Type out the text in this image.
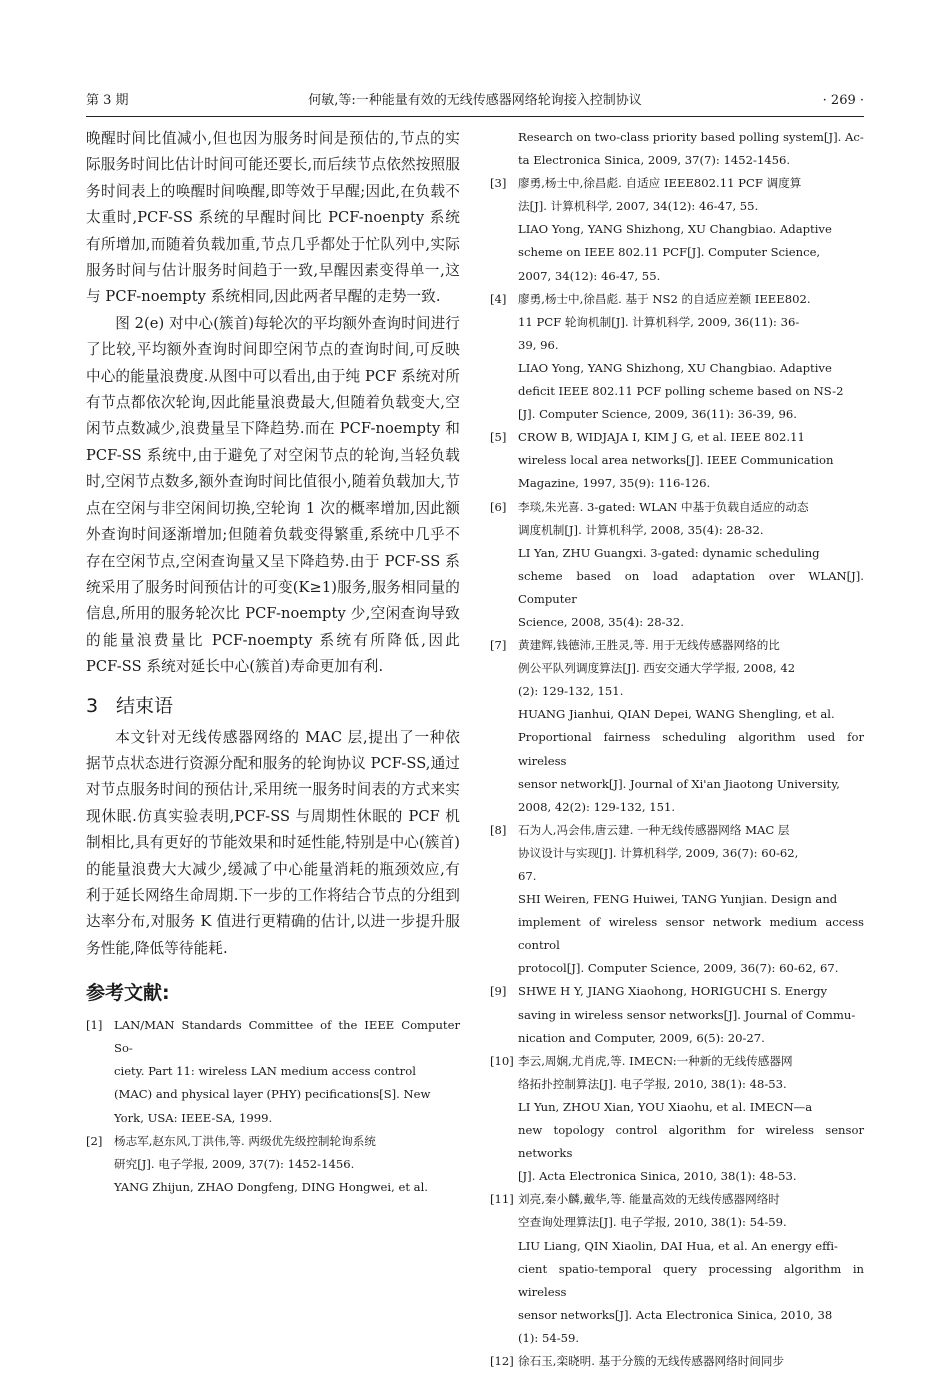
第 3 期	何敏,等:一种能量有效的无线传感器网络轮询接入控制协议	· 269 ·

晚醒时间比值减小,但也因为服务时间是预估的,节点的实际服务时间比估计时间可能还要长,而后续节点依然按照服务时间表上的唤醒时间唤醒,即等效于早醒;因此,在负载不太重时,PCF-SS 系统的早醒时间比 PCF-noenpty 系统有所增加,而随着负载加重,节点几乎都处于忙队列中,实际服务时间与估计服务时间趋于一致,早醒因素变得单一,这与 PCF-noempty 系统相同,因此两者早醒的走势一致.

图 2(e) 对中心(簇首)每轮次的平均额外查询时间进行了比较,平均额外查询时间即空闲节点的查询时间,可反映中心的能量浪费度.从图中可以看出,由于纯 PCF 系统对所有节点都依次轮询,因此能量浪费最大,但随着负载变大,空闲节点数减少,浪费量呈下降趋势.而在 PCF-noempty 和 PCF-SS 系统中,由于避免了对空闲节点的轮询,当轻负载时,空闲节点数多,额外查询时间比值很小,随着负载加大,节点在空闲与非空闲间切换,空轮询 1 次的概率增加,因此额外查询时间逐渐增加;但随着负载变得繁重,系统中几乎不存在空闲节点,空闲查询量又呈下降趋势.由于 PCF-SS 系统采用了服务时间预估计的可变(K≥1)服务,服务相同量的信息,所用的服务轮次比 PCF-noempty 少,空闲查询导致的能量浪费量比 PCF-noempty 系统有所降低,因此 PCF-SS 系统对延长中心(簇首)寿命更加有利.

3 结束语

本文针对无线传感器网络的 MAC 层,提出了一种依据节点状态进行资源分配和服务的轮询协议 PCF-SS,通过对节点服务时间的预估计,采用统一服务时间表的方式来实现休眠.仿真实验表明,PCF-SS 与周期性休眠的 PCF 机制相比,具有更好的节能效果和时延性能,特别是中心(簇首)的能量浪费大大减少,缓减了中心能量消耗的瓶颈效应,有利于延长网络生命周期.下一步的工作将结合节点的分组到达率分布,对服务 K 值进行更精确的估计,以进一步提升服务性能,降低等待能耗.

参考文献:
[1] LAN/MAN Standards Committee of the IEEE Computer So-
ciety. Part 11: wireless LAN medium access control
(MAC) and physical layer (PHY) pecifications[S]. New
York, USA: IEEE-SA, 1999.
[2] 杨志军,赵东风,丁洪伟,等. 两级优先级控制轮询系统
研究[J]. 电子学报, 2009, 37(7): 1452-1456.
YANG Zhijun, ZHAO Dongfeng, DING Hongwei, et al.
Research on two-class priority based polling system[J]. Ac-
ta Electronica Sinica, 2009, 37(7): 1452-1456.
[3] 廖勇,杨士中,徐昌彪. 自适应 IEEE802.11 PCF 调度算
法[J]. 计算机科学, 2007, 34(12): 46-47, 55.
LIAO Yong, YANG Shizhong, XU Changbiao. Adaptive
scheme on IEEE 802.11 PCF[J]. Computer Science,
2007, 34(12): 46-47, 55.
[4] 廖勇,杨士中,徐昌彪. 基于 NS2 的自适应差额 IEEE802.
11 PCF 轮询机制[J]. 计算机科学, 2009, 36(11): 36-
39, 96.
LIAO Yong, YANG Shizhong, XU Changbiao. Adaptive
deficit IEEE 802.11 PCF polling scheme based on NS-2
[J]. Computer Science, 2009, 36(11): 36-39, 96.
[5] CROW B, WIDJAJA I, KIM J G, et al. IEEE 802.11
wireless local area networks[J]. IEEE Communication
Magazine, 1997, 35(9): 116-126.
[6] 李琰,朱光喜. 3-gated: WLAN 中基于负载自适应的动态
调度机制[J]. 计算机科学, 2008, 35(4): 28-32.
LI Yan, ZHU Guangxi. 3-gated: dynamic scheduling
scheme based on load adaptation over WLAN[J]. Computer
Science, 2008, 35(4): 28-32.
[7] 黄建辉,钱德沛,王胜灵,等. 用于无线传感器网络的比
例公平队列调度算法[J]. 西安交通大学学报, 2008, 42
(2): 129-132, 151.
HUANG Jianhui, QIAN Depei, WANG Shengling, et al.
Proportional fairness scheduling algorithm used for wireless
sensor network[J]. Journal of Xi'an Jiaotong University,
2008, 42(2): 129-132, 151.
[8] 石为人,冯会伟,唐云建. 一种无线传感器网络 MAC 层
协议设计与实现[J]. 计算机科学, 2009, 36(7): 60-62,
67.
SHI Weiren, FENG Huiwei, TANG Yunjian. Design and
implement of wireless sensor network medium access control
protocol[J]. Computer Science, 2009, 36(7): 60-62, 67.
[9] SHWE H Y, JIANG Xiaohong, HORIGUCHI S. Energy
saving in wireless sensor networks[J]. Journal of Commu-
nication and Computer, 2009, 6(5): 20-27.
[10] 李云,周娴,尤肖虎,等. IMECN:一种新的无线传感器网
络拓扑控制算法[J]. 电子学报, 2010, 38(1): 48-53.
LI Yun, ZHOU Xian, YOU Xiaohu, et al. IMECN—a
new topology control algorithm for wireless sensor networks
[J]. Acta Electronica Sinica, 2010, 38(1): 48-53.
[11] 刘亮,秦小麟,戴华,等. 能量高效的无线传感器网络时
空查询处理算法[J]. 电子学报, 2010, 38(1): 54-59.
LIU Liang, QIN Xiaolin, DAI Hua, et al. An energy effi-
cient spatio-temporal query processing algorithm in wireless
sensor networks[J]. Acta Electronica Sinica, 2010, 38
(1): 54-59.
[12] 徐石玉,栾晓明. 基于分簇的无线传感器网络时间同步
